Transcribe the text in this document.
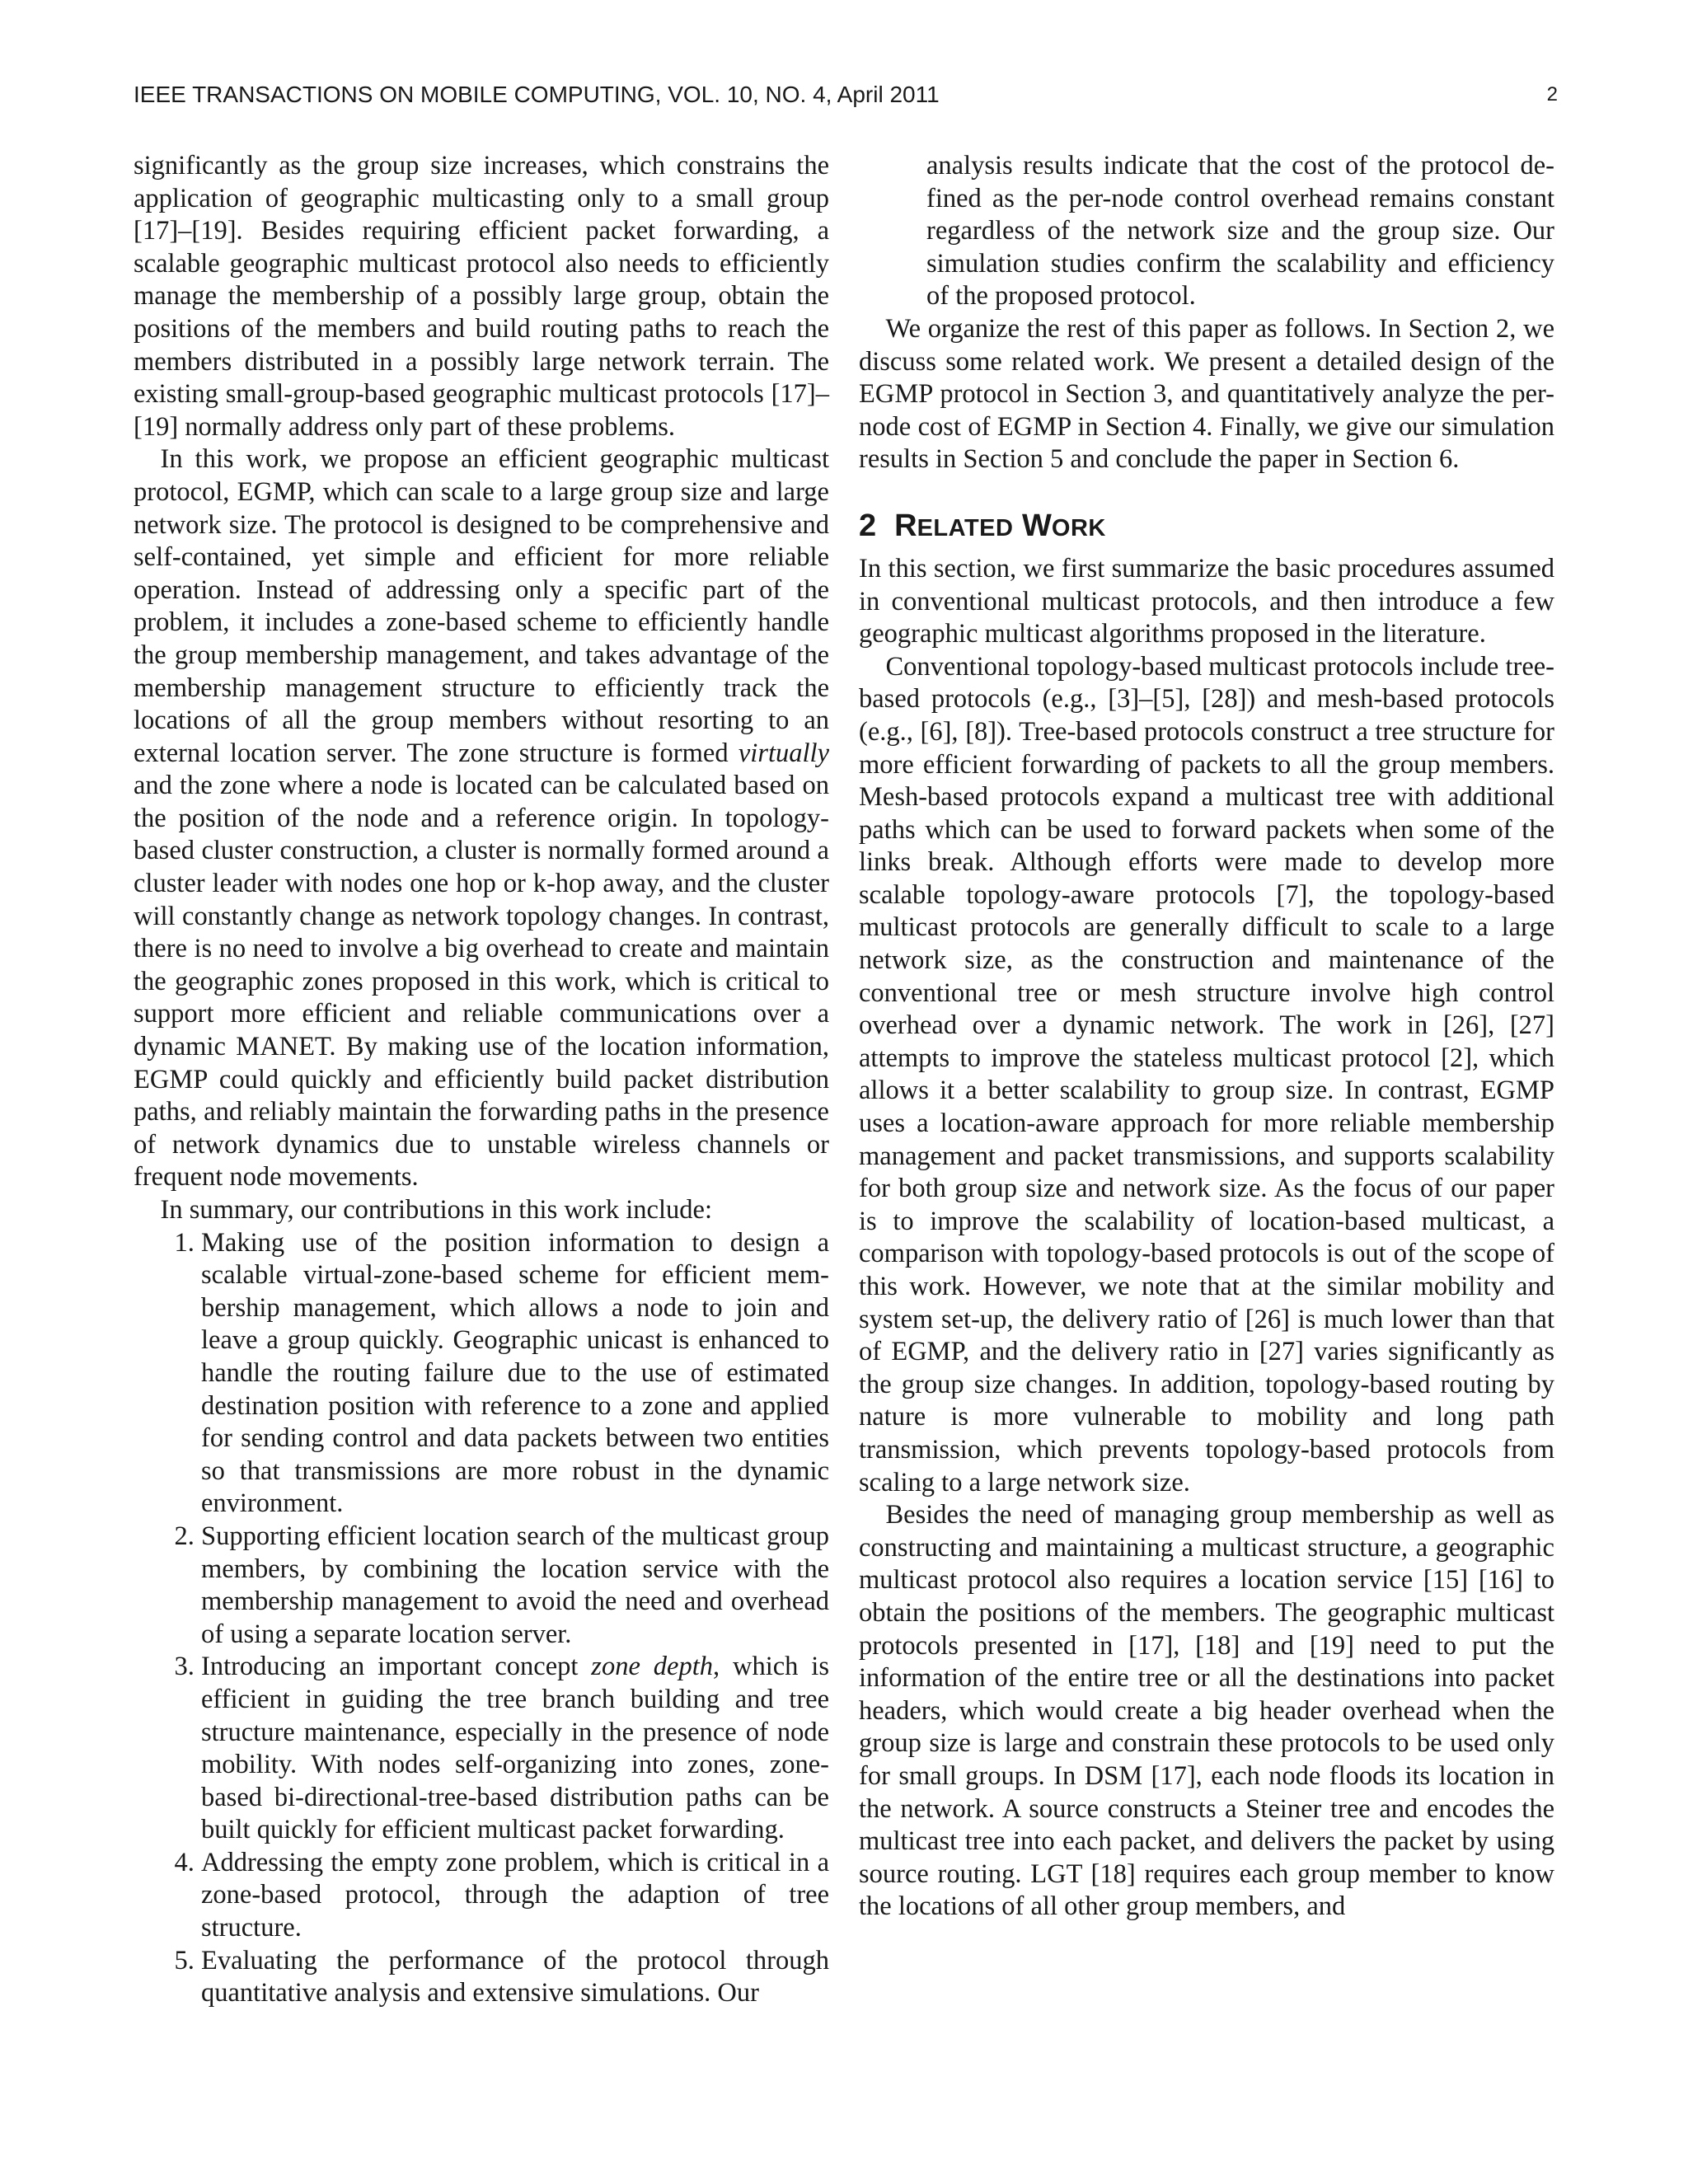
IEEE TRANSACTIONS ON MOBILE COMPUTING, VOL. 10, NO. 4, April 2011	2

significantly as the group size increases, which constrains the application of geographic multicasting only to a small group [17]–[19]. Besides requiring efficient packet forwarding, a scalable geographic multicast protocol also needs to efficiently manage the membership of a possibly large group, obtain the positions of the members and build routing paths to reach the members distributed in a possibly large network terrain. The existing small-group-based geographic multicast protocols [17]–[19] normally address only part of these problems.

In this work, we propose an efficient geographic multicast protocol, EGMP, which can scale to a large group size and large network size. The protocol is designed to be comprehensive and self-contained, yet simple and efficient for more reliable operation. Instead of addressing only a specific part of the problem, it includes a zone-based scheme to efficiently handle the group membership management, and takes advantage of the membership management structure to efficiently track the locations of all the group members without resorting to an external location server. The zone structure is formed virtually and the zone where a node is located can be calculated based on the position of the node and a reference origin. In topology-based cluster construction, a cluster is normally formed around a cluster leader with nodes one hop or k-hop away, and the cluster will constantly change as network topology changes. In contrast, there is no need to involve a big overhead to create and maintain the geographic zones proposed in this work, which is critical to support more efficient and reliable communications over a dynamic MANET. By making use of the location information, EGMP could quickly and efficiently build packet distribution paths, and reliably maintain the forwarding paths in the presence of network dynamics due to unstable wireless channels or frequent node movements.

In summary, our contributions in this work include:

1. Making use of the position information to design a scalable virtual-zone-based scheme for efficient membership management, which allows a node to join and leave a group quickly. Geographic unicast is enhanced to handle the routing failure due to the use of estimated destination position with reference to a zone and applied for sending control and data packets between two entities so that transmissions are more robust in the dynamic environment.
2. Supporting efficient location search of the multicast group members, by combining the location service with the membership management to avoid the need and overhead of using a separate location server.
3. Introducing an important concept zone depth, which is efficient in guiding the tree branch building and tree structure maintenance, especially in the presence of node mobility. With nodes self-organizing into zones, zone-based bi-directional-tree-based distribution paths can be built quickly for efficient multicast packet forwarding.
4. Addressing the empty zone problem, which is critical in a zone-based protocol, through the adaption of tree structure.
5. Evaluating the performance of the protocol through quantitative analysis and extensive simulations. Our
analysis results indicate that the cost of the protocol defined as the per-node control overhead remains constant regardless of the network size and the group size. Our simulation studies confirm the scalability and efficiency of the proposed protocol.

We organize the rest of this paper as follows. In Section 2, we discuss some related work. We present a detailed design of the EGMP protocol in Section 3, and quantitatively analyze the per-node cost of EGMP in Section 4. Finally, we give our simulation results in Section 5 and conclude the paper in Section 6.

2 RELATED WORK

In this section, we first summarize the basic procedures assumed in conventional multicast protocols, and then introduce a few geographic multicast algorithms proposed in the literature.

Conventional topology-based multicast protocols include tree-based protocols (e.g., [3]–[5], [28]) and mesh-based protocols (e.g., [6], [8]). Tree-based protocols construct a tree structure for more efficient forwarding of packets to all the group members. Mesh-based protocols expand a multicast tree with additional paths which can be used to forward packets when some of the links break. Although efforts were made to develop more scalable topology-aware protocols [7], the topology-based multicast protocols are generally difficult to scale to a large network size, as the construction and maintenance of the conventional tree or mesh structure involve high control overhead over a dynamic network. The work in [26], [27] attempts to improve the stateless multicast protocol [2], which allows it a better scalability to group size. In contrast, EGMP uses a location-aware approach for more reliable membership management and packet transmissions, and supports scalability for both group size and network size. As the focus of our paper is to improve the scalability of location-based multicast, a comparison with topology-based protocols is out of the scope of this work. However, we note that at the similar mobility and system set-up, the delivery ratio of [26] is much lower than that of EGMP, and the delivery ratio in [27] varies significantly as the group size changes. In addition, topology-based routing by nature is more vulnerable to mobility and long path transmission, which prevents topology-based protocols from scaling to a large network size.

Besides the need of managing group membership as well as constructing and maintaining a multicast structure, a geographic multicast protocol also requires a location service [15] [16] to obtain the positions of the members. The geographic multicast protocols presented in [17], [18] and [19] need to put the information of the entire tree or all the destinations into packet headers, which would create a big header overhead when the group size is large and constrain these protocols to be used only for small groups. In DSM [17], each node floods its location in the network. A source constructs a Steiner tree and encodes the multicast tree into each packet, and delivers the packet by using source routing. LGT [18] requires each group member to know the locations of all other group members, and
